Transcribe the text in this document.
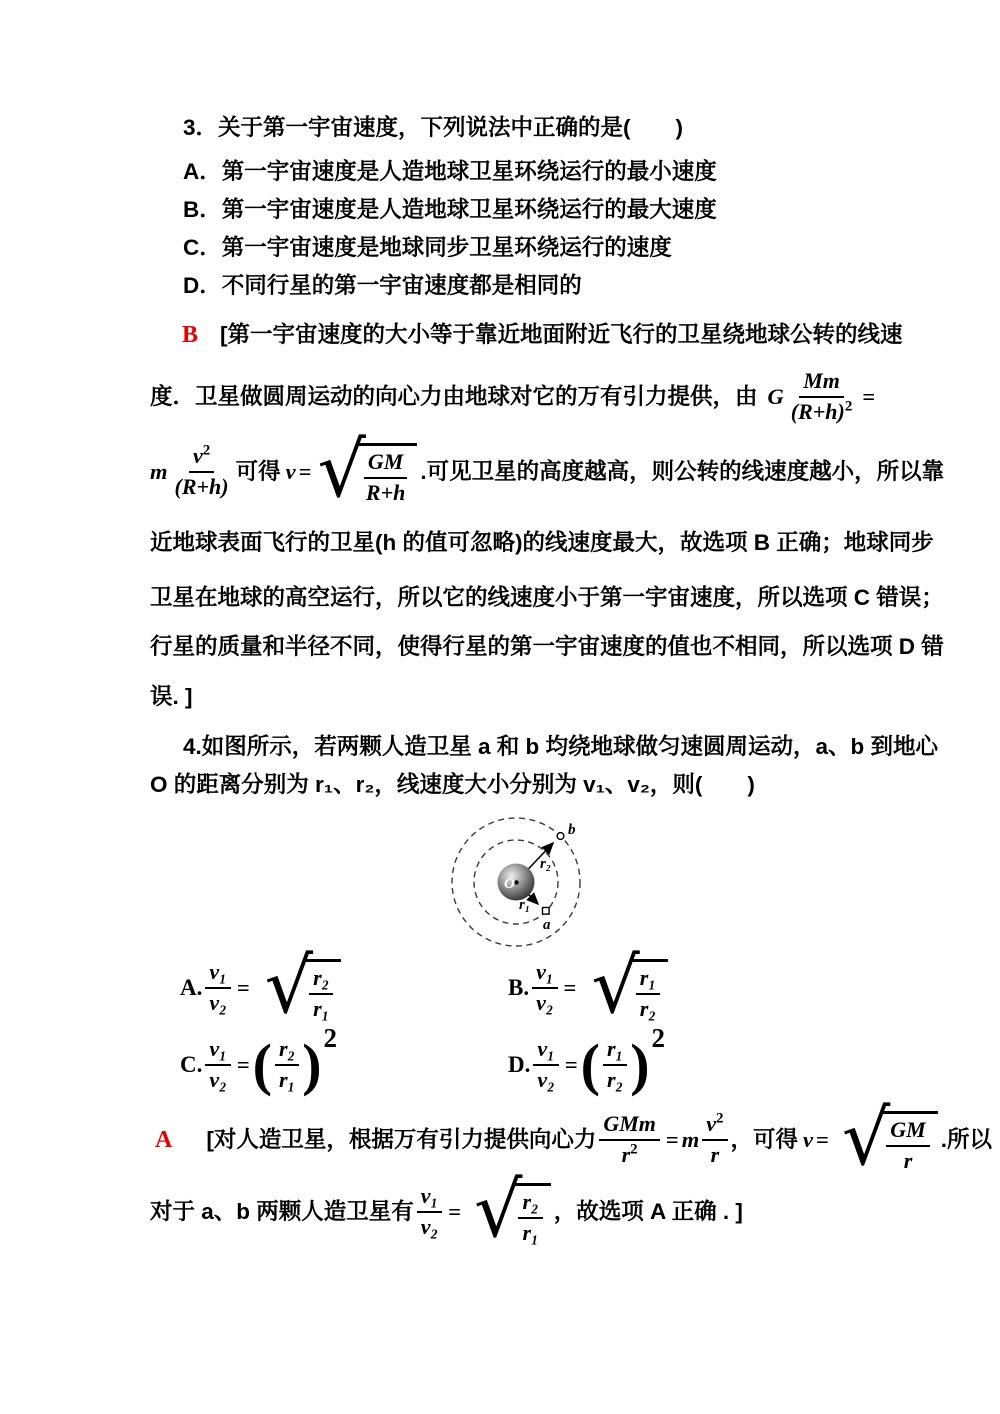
3．关于第一宇宙速度，下列说法中正确的是(　　)
A．第一宇宙速度是人造地球卫星环绕运行的最小速度
B．第一宇宙速度是人造地球卫星环绕运行的最大速度
C．第一宇宙速度是地球同步卫星环绕运行的速度
D．不同行星的第一宇宙速度都是相同的
B [第一宇宙速度的大小等于靠近地面附近飞行的卫星绕地球公转的线速
度．卫星做圆周运动的向心力由地球对它的万有引力提供，由 G $\frac{Mm}{(R+h)^2}$ =
m $\frac{v^2}{(R+h)}$ 可得 v = √
$\frac{GM}{R+h}$ .可见卫星的高度越高，则公转的线速度越小，所以靠
近地球表面飞行的卫星(h 的值可忽略)的线速度最大，故选项 B 正确；地球同步
卫星在地球的高空运行，所以它的线速度小于第一宇宙速度，所以选项 C 错误；
行星的质量和半径不同，使得行星的第一宇宙速度的值也不相同，所以选项 D 错
误. ]
4.如图所示，若两颗人造卫星 a 和 b 均绕地球做匀速圆周运动，a、b 到地心
O 的距离分别为 r₁、r₂，线速度大小分别为 v₁、v₂，则(　　)
O
b
a
r₂
r₁
A. $\frac{\text{v₁}}{\text{v₂}}$ = √
$\frac{\text{r₂}}{\text{r₁}}$	B. $\frac{\text{v₁}}{\text{v₂}}$ = √
$\frac{\text{r₁}}{\text{r₂}}$
C. $\frac{\text{v₁}}{\text{v₂}}$ = ( $\frac{\text{r₂}}{\text{r₁}}$ ) 2
D. $\frac{\text{v₁}}{\text{v₂}}$ = ( $\frac{\text{r₁}}{\text{r₂}}$ ) 2
A [对人造卫星，根据万有引力提供向心力 $\frac{\text{GMm}}{r^2} = m \frac{v^2}{r}$ ，可得 v = √
$\frac{GM}{r}$ .所以
对于 a、b 两颗人造卫星有 $\frac{\text{v₁}}{\text{v₂}}$ = √
$\frac{\text{r₂}}{\text{r₁}}$ ，故选项 A 正确 . ]
